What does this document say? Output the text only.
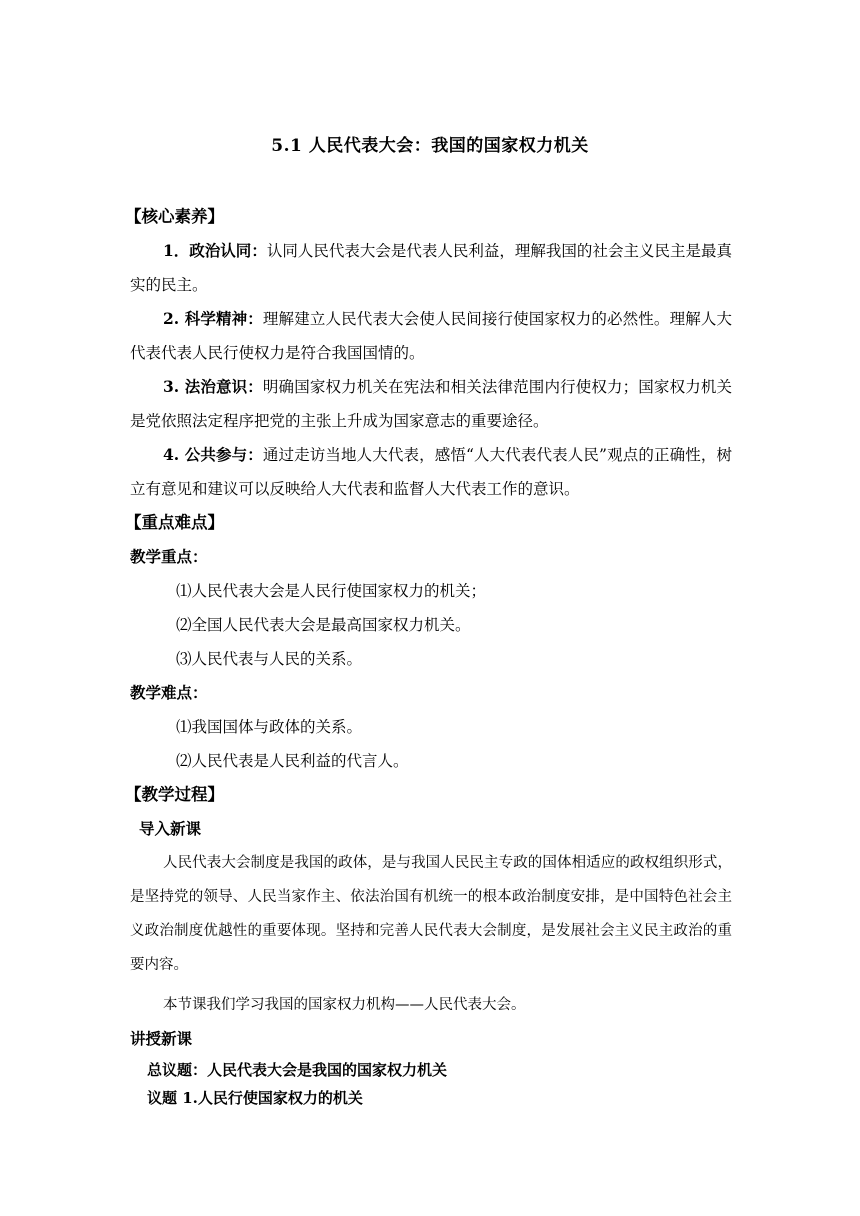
5.1 人民代表大会：我国的国家权力机关
【核心素养】

1．政治认同：认同人民代表大会是代表人民利益，理解我国的社会主义民主是最真实的民主。

2. 科学精神：理解建立人民代表大会使人民间接行使国家权力的必然性。理解人大代表代表人民行使权力是符合我国国情的。

3. 法治意识：明确国家权力机关在宪法和相关法律范围内行使权力；国家权力机关是党依照法定程序把党的主张上升成为国家意志的重要途径。

4. 公共参与：通过走访当地人大代表，感悟“人大代表代表人民”观点的正确性，树立有意见和建议可以反映给人大代表和监督人大代表工作的意识。

【重点难点】
教学重点：
⑴人民代表大会是人民行使国家权力的机关；
⑵全国人民代表大会是最高国家权力机关。
⑶人民代表与人民的关系。
教学难点：
⑴我国国体与政体的关系。
⑵人民代表是人民利益的代言人。
【教学过程】
导入新课

人民代表大会制度是我国的政体，是与我国人民民主专政的国体相适应的政权组织形式，是坚持党的领导、人民当家作主、依法治国有机统一的根本政治制度安排，是中国特色社会主义政治制度优越性的重要体现。坚持和完善人民代表大会制度，是发展社会主义民主政治的重要内容。

本节课我们学习我国的国家权力机构——人民代表大会。

讲授新课
总议题：人民代表大会是我国的国家权力机关
议题 1.人民行使国家权力的机关
